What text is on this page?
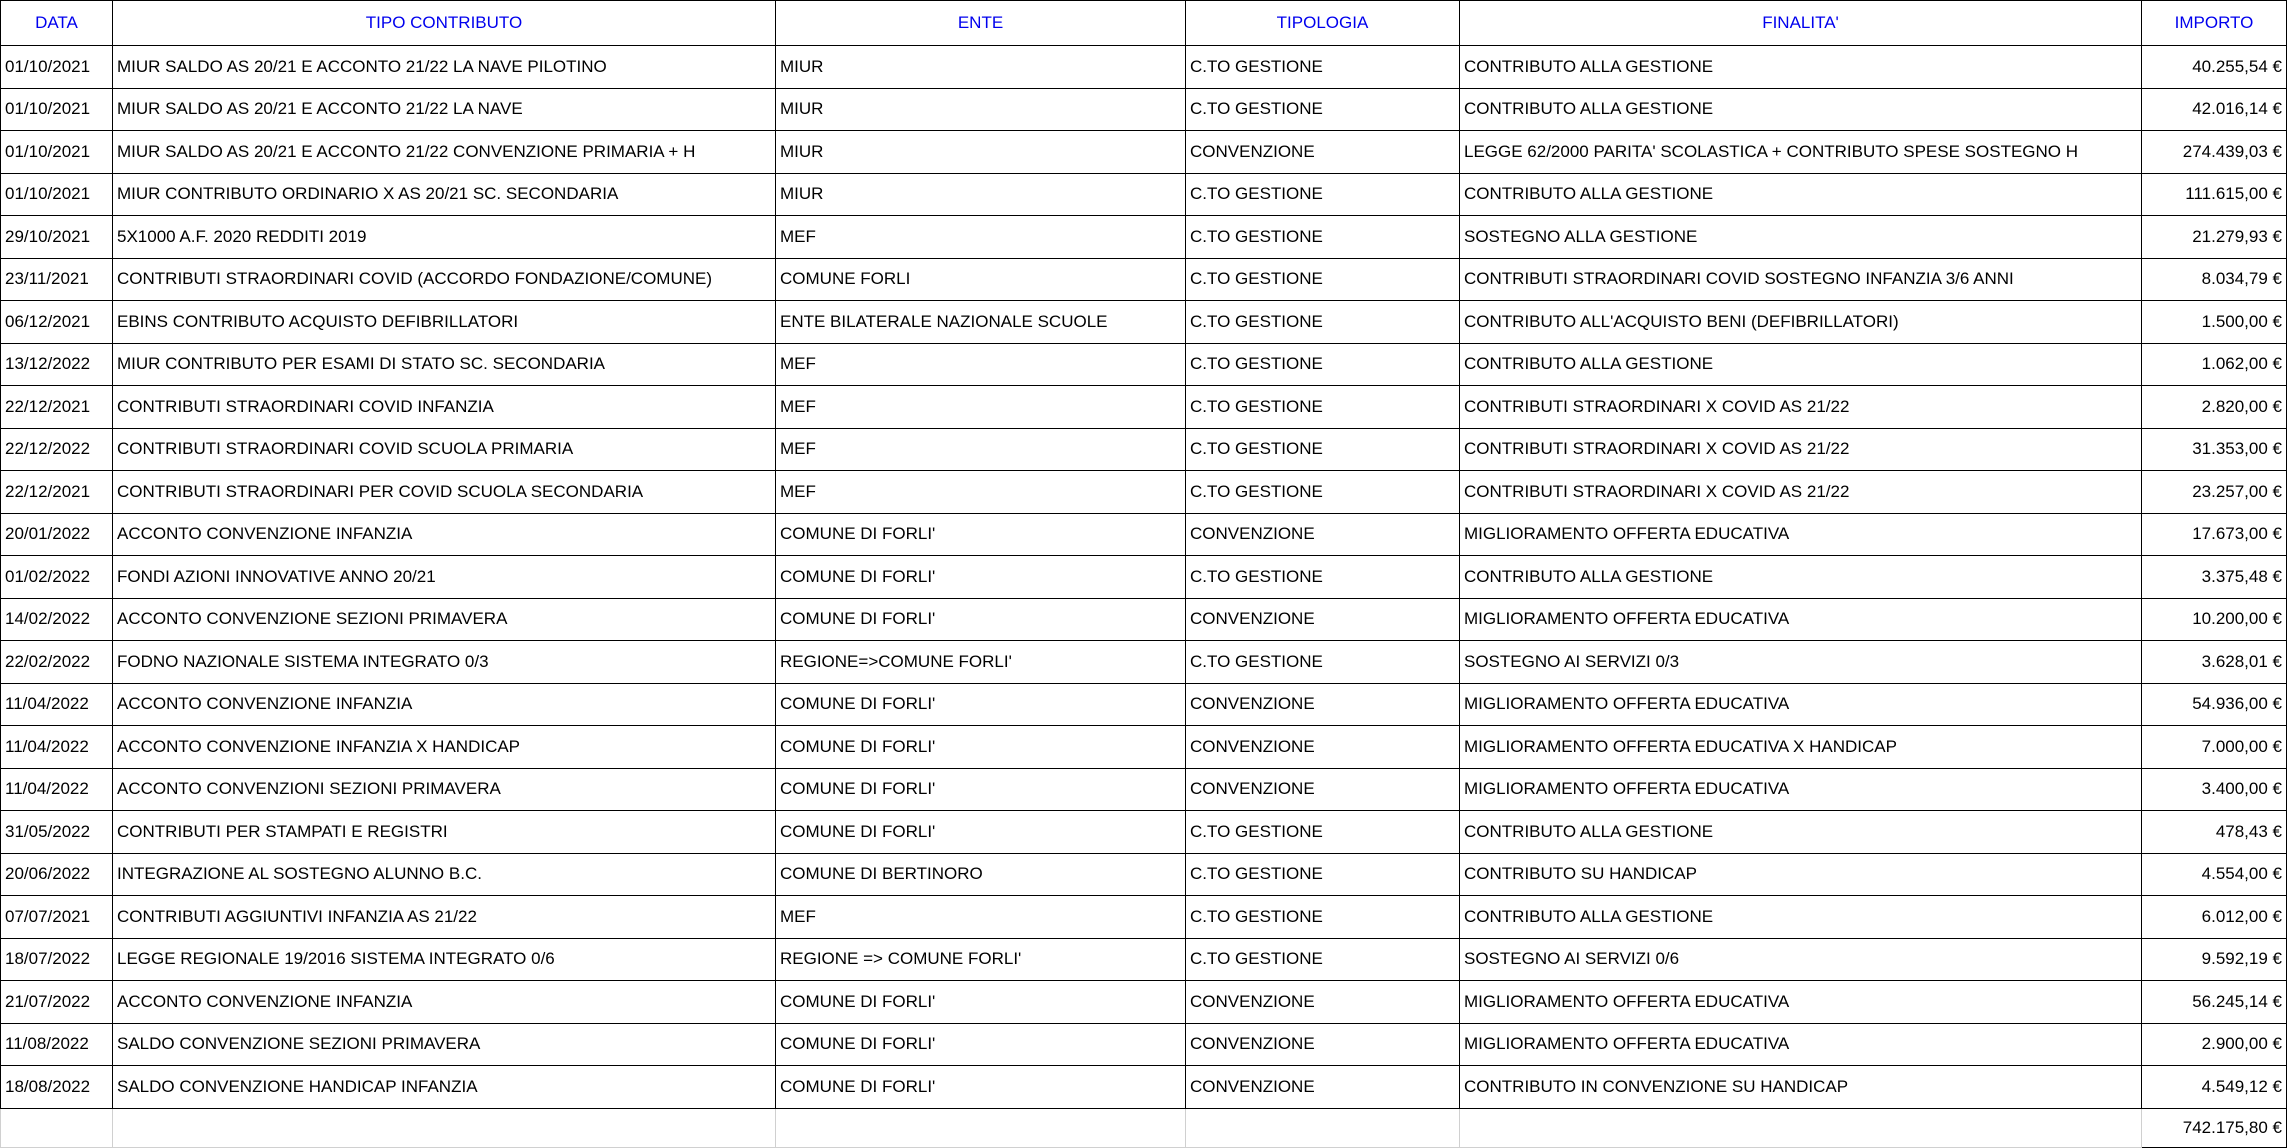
DATA	TIPO CONTRIBUTO	ENTE	TIPOLOGIA	FINALITA'	IMPORTO
01/10/2021	MIUR SALDO AS 20/21 E ACCONTO 21/22 LA NAVE PILOTINO	MIUR	C.TO GESTIONE	CONTRIBUTO ALLA GESTIONE	40.255,54 €
01/10/2021	MIUR SALDO AS 20/21 E ACCONTO 21/22 LA NAVE	MIUR	C.TO GESTIONE	CONTRIBUTO ALLA GESTIONE	42.016,14 €
01/10/2021	MIUR SALDO AS 20/21 E ACCONTO 21/22 CONVENZIONE PRIMARIA + H	MIUR	CONVENZIONE	LEGGE 62/2000 PARITA' SCOLASTICA + CONTRIBUTO SPESE SOSTEGNO H	274.439,03 €
01/10/2021	MIUR CONTRIBUTO ORDINARIO X AS 20/21 SC. SECONDARIA	MIUR	C.TO GESTIONE	CONTRIBUTO ALLA GESTIONE	111.615,00 €
29/10/2021	5X1000 A.F. 2020 REDDITI 2019	MEF	C.TO GESTIONE	SOSTEGNO ALLA GESTIONE	21.279,93 €
23/11/2021	CONTRIBUTI STRAORDINARI COVID (ACCORDO FONDAZIONE/COMUNE)	COMUNE FORLI	C.TO GESTIONE	CONTRIBUTI STRAORDINARI COVID SOSTEGNO INFANZIA 3/6 ANNI	8.034,79 €
06/12/2021	EBINS CONTRIBUTO ACQUISTO DEFIBRILLATORI	ENTE BILATERALE NAZIONALE SCUOLE	C.TO GESTIONE	CONTRIBUTO ALL'ACQUISTO BENI (DEFIBRILLATORI)	1.500,00 €
13/12/2022	MIUR CONTRIBUTO PER ESAMI DI STATO SC. SECONDARIA	MEF	C.TO GESTIONE	CONTRIBUTO ALLA GESTIONE	1.062,00 €
22/12/2021	CONTRIBUTI STRAORDINARI COVID INFANZIA	MEF	C.TO GESTIONE	CONTRIBUTI STRAORDINARI X COVID AS 21/22	2.820,00 €
22/12/2022	CONTRIBUTI STRAORDINARI COVID SCUOLA PRIMARIA	MEF	C.TO GESTIONE	CONTRIBUTI STRAORDINARI X COVID AS 21/22	31.353,00 €
22/12/2021	CONTRIBUTI STRAORDINARI PER COVID SCUOLA SECONDARIA	MEF	C.TO GESTIONE	CONTRIBUTI STRAORDINARI X COVID AS 21/22	23.257,00 €
20/01/2022	ACCONTO CONVENZIONE INFANZIA	COMUNE DI FORLI'	CONVENZIONE	MIGLIORAMENTO OFFERTA EDUCATIVA	17.673,00 €
01/02/2022	FONDI AZIONI INNOVATIVE ANNO 20/21	COMUNE DI FORLI'	C.TO GESTIONE	CONTRIBUTO ALLA GESTIONE	3.375,48 €
14/02/2022	ACCONTO CONVENZIONE SEZIONI PRIMAVERA	COMUNE DI FORLI'	CONVENZIONE	MIGLIORAMENTO OFFERTA EDUCATIVA	10.200,00 €
22/02/2022	FODNO NAZIONALE SISTEMA INTEGRATO 0/3	REGIONE=>COMUNE FORLI'	C.TO GESTIONE	SOSTEGNO AI SERVIZI 0/3	3.628,01 €
11/04/2022	ACCONTO CONVENZIONE INFANZIA	COMUNE DI FORLI'	CONVENZIONE	MIGLIORAMENTO OFFERTA EDUCATIVA	54.936,00 €
11/04/2022	ACCONTO CONVENZIONE INFANZIA X HANDICAP	COMUNE DI FORLI'	CONVENZIONE	MIGLIORAMENTO OFFERTA EDUCATIVA X HANDICAP	7.000,00 €
11/04/2022	ACCONTO CONVENZIONI SEZIONI PRIMAVERA	COMUNE DI FORLI'	CONVENZIONE	MIGLIORAMENTO OFFERTA EDUCATIVA	3.400,00 €
31/05/2022	CONTRIBUTI PER STAMPATI E REGISTRI	COMUNE DI FORLI'	C.TO GESTIONE	CONTRIBUTO ALLA GESTIONE	478,43 €
20/06/2022	INTEGRAZIONE AL SOSTEGNO ALUNNO B.C.	COMUNE DI BERTINORO	C.TO GESTIONE	CONTRIBUTO SU HANDICAP	4.554,00 €
07/07/2021	CONTRIBUTI AGGIUNTIVI INFANZIA AS 21/22	MEF	C.TO GESTIONE	CONTRIBUTO ALLA GESTIONE	6.012,00 €
18/07/2022	LEGGE REGIONALE 19/2016 SISTEMA INTEGRATO 0/6	REGIONE => COMUNE FORLI'	C.TO GESTIONE	SOSTEGNO AI SERVIZI 0/6	9.592,19 €
21/07/2022	ACCONTO CONVENZIONE INFANZIA	COMUNE DI FORLI'	CONVENZIONE	MIGLIORAMENTO OFFERTA EDUCATIVA	56.245,14 €
11/08/2022	SALDO CONVENZIONE SEZIONI PRIMAVERA	COMUNE DI FORLI'	CONVENZIONE	MIGLIORAMENTO OFFERTA EDUCATIVA	2.900,00 €
18/08/2022	SALDO CONVENZIONE HANDICAP INFANZIA	COMUNE DI FORLI'	CONVENZIONE	CONTRIBUTO IN CONVENZIONE SU HANDICAP	4.549,12 €
					742.175,80 €
